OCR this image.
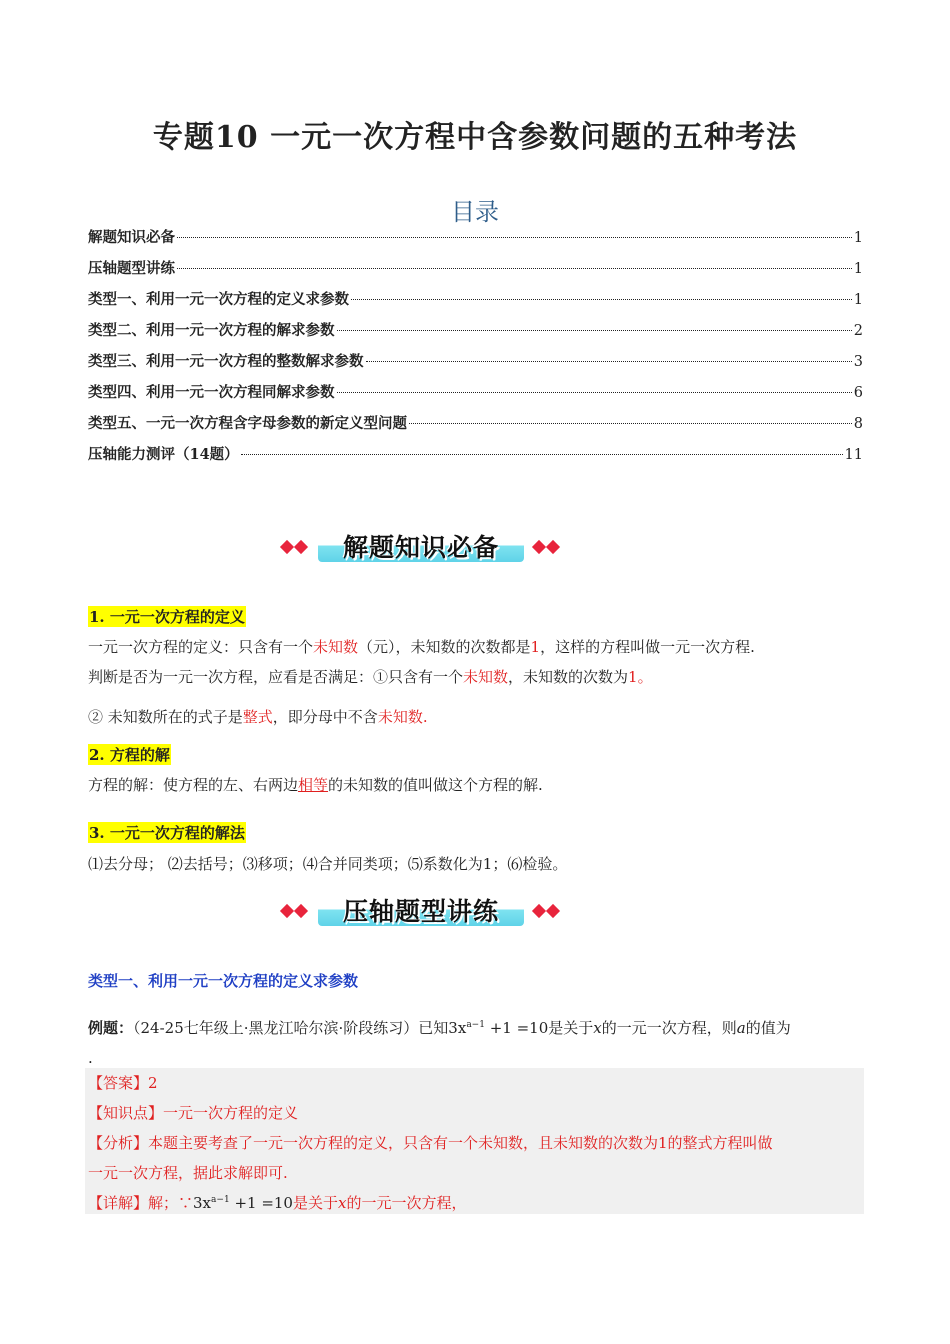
专题10 一元一次方程中含参数问题的五种考法
目录
解题知识必备	1
压轴题型讲练	1
类型一、利用一元一次方程的定义求参数	1
类型二、利用一元一次方程的解求参数	2
类型三、利用一元一次方程的整数解求参数	3
类型四、利用一元一次方程同解求参数	6
类型五、一元一次方程含字母参数的新定义型问题	8
压轴能力测评（14题）	11
解题知识必备
1. 一元一次方程的定义
一元一次方程的定义：只含有一个未知数（元），未知数的次数都是1，这样的方程叫做一元一次方程.
判断是否为一元一次方程，应看是否满足：①只含有一个未知数，未知数的次数为1。
② 未知数所在的式子是整式，即分母中不含未知数.
2. 方程的解
方程的解：使方程的左、右两边相等的未知数的值叫做这个方程的解.
3. 一元一次方程的解法
⑴去分母； ⑵去括号；⑶移项；⑷合并同类项；⑸系数化为1；⑹检验。
压轴题型讲练
类型一、利用一元一次方程的定义求参数
例题：（24-25七年级上·黑龙江哈尔滨·阶段练习）已知$3x^{a-1} +1 =10$是关于x的一元一次方程，则a的值为
.
【答案】2
【知识点】一元一次方程的定义
【分析】本题主要考查了一元一次方程的定义，只含有一个未知数，且未知数的次数为1的整式方程叫做
一元一次方程，据此求解即可.
【详解】解；$\because 3x^{a-1} +1 =10$是关于x的一元一次方程，
